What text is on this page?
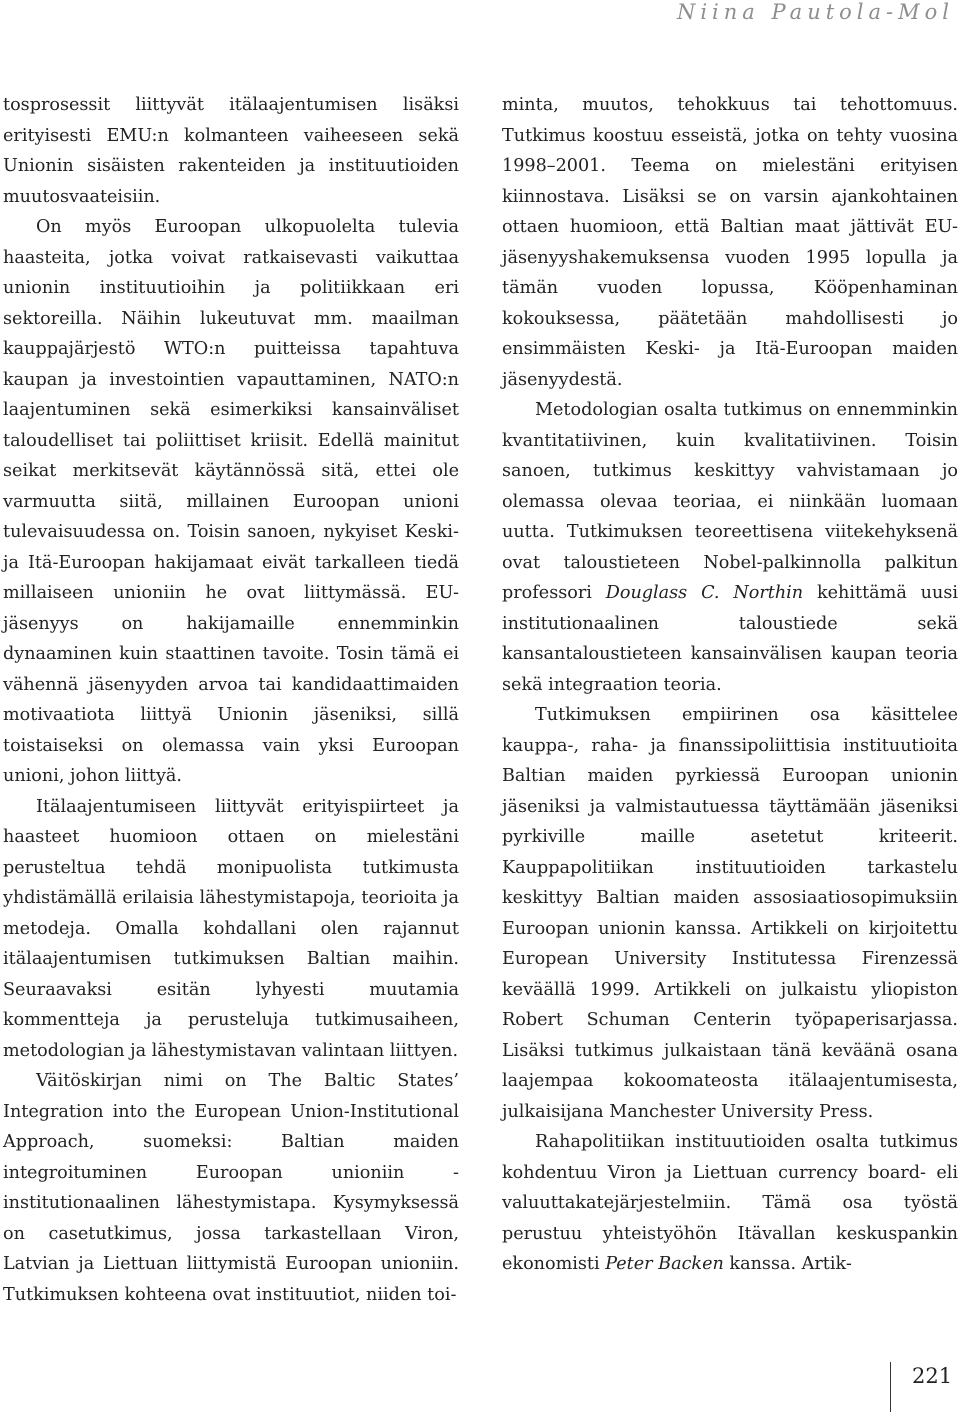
Niina Pautola-Mol

tosprosessit liittyvät itälaajentumisen lisäksi erityisesti EMU:n kolmanteen vaiheeseen sekä Unionin sisäisten rakenteiden ja instituutioiden muutosvaateisiin.

On myös Euroopan ulkopuolelta tulevia haasteita, jotka voivat ratkaisevasti vaikuttaa unionin instituutioihin ja politiikkaan eri sektoreilla. Näihin lukeutuvat mm. maailman kauppajärjestö WTO:n puitteissa tapahtuva kaupan ja investointien vapauttaminen, NATO:n laajentuminen sekä esimerkiksi kansainväliset taloudelliset tai poliittiset kriisit. Edellä mainitut seikat merkitsevät käytännössä sitä, ettei ole varmuutta siitä, millainen Euroopan unioni tulevaisuudessa on. Toisin sanoen, nykyiset Keski- ja Itä-Euroopan hakijamaat eivät tarkalleen tiedä millaiseen unioniin he ovat liittymässä. EU-jäsenyys on hakijamaille ennemminkin dynaaminen kuin staattinen tavoite. Tosin tämä ei vähennä jäsenyyden arvoa tai kandidaattimaiden motivaatiota liittyä Unionin jäseniksi, sillä toistaiseksi on olemassa vain yksi Euroopan unioni, johon liittyä.

Itälaajentumiseen liittyvät erityispiirteet ja haasteet huomioon ottaen on mielestäni perusteltua tehdä monipuolista tutkimusta yhdistämällä erilaisia lähestymistapoja, teorioita ja metodeja. Omalla kohdallani olen rajannut itälaajentumisen tutkimuksen Baltian maihin. Seuraavaksi esitän lyhyesti muutamia kommentteja ja perusteluja tutkimusaiheen, metodologian ja lähestymistavan valintaan liittyen.

Väitöskirjan nimi on The Baltic States’ Integration into the European Union-Institutional Approach, suomeksi: Baltian maiden integroituminen Euroopan unioniin -institutionaalinen lähestymistapa. Kysymyksessä on casetutkimus, jossa tarkastellaan Viron, Latvian ja Liettuan liittymistä Euroopan unioniin. Tutkimuksen kohteena ovat instituutiot, niiden toi-

minta, muutos, tehokkuus tai tehottomuus. Tutkimus koostuu esseistä, jotka on tehty vuosina 1998–2001. Teema on mielestäni erityisen kiinnostava. Lisäksi se on varsin ajankohtainen ottaen huomioon, että Baltian maat jättivät EU-jäsenyyshakemuksensa vuoden 1995 lopulla ja tämän vuoden lopussa, Kööpenhaminan kokouksessa, päätetään mahdollisesti jo ensimmäisten Keski- ja Itä-Euroopan maiden jäsenyydestä.

Metodologian osalta tutkimus on ennemminkin kvantitatiivinen, kuin kvalitatiivinen. Toisin sanoen, tutkimus keskittyy vahvistamaan jo olemassa olevaa teoriaa, ei niinkään luomaan uutta. Tutkimuksen teoreettisena viitekehyksenä ovat taloustieteen Nobel-palkinnolla palkitun professori Douglass C. Northin kehittämä uusi institutionaalinen taloustiede sekä kansantaloustieteen kansainvälisen kaupan teoria sekä integraation teoria.

Tutkimuksen empiirinen osa käsittelee kauppa-, raha- ja finanssipoliittisia instituutioita Baltian maiden pyrkiessä Euroopan unionin jäseniksi ja valmistautuessa täyttämään jäseniksi pyrkiville maille asetetut kriteerit. Kauppapolitiikan instituutioiden tarkastelu keskittyy Baltian maiden assosiaatiosopimuksiin Euroopan unionin kanssa. Artikkeli on kirjoitettu European University Institutessa Firenzessä keväällä 1999. Artikkeli on julkaistu yliopiston Robert Schuman Centerin työpaperisarjassa. Lisäksi tutkimus julkaistaan tänä keväänä osana laajempaa kokoomateosta itälaajentumisesta, julkaisijana Manchester University Press.

Rahapolitiikan instituutioiden osalta tutkimus kohdentuu Viron ja Liettuan currency board- eli valuuttakatejärjestelmiin. Tämä osa työstä perustuu yhteistyöhön Itävallan keskuspankin ekonomisti Peter Backen kanssa. Artik-

221
